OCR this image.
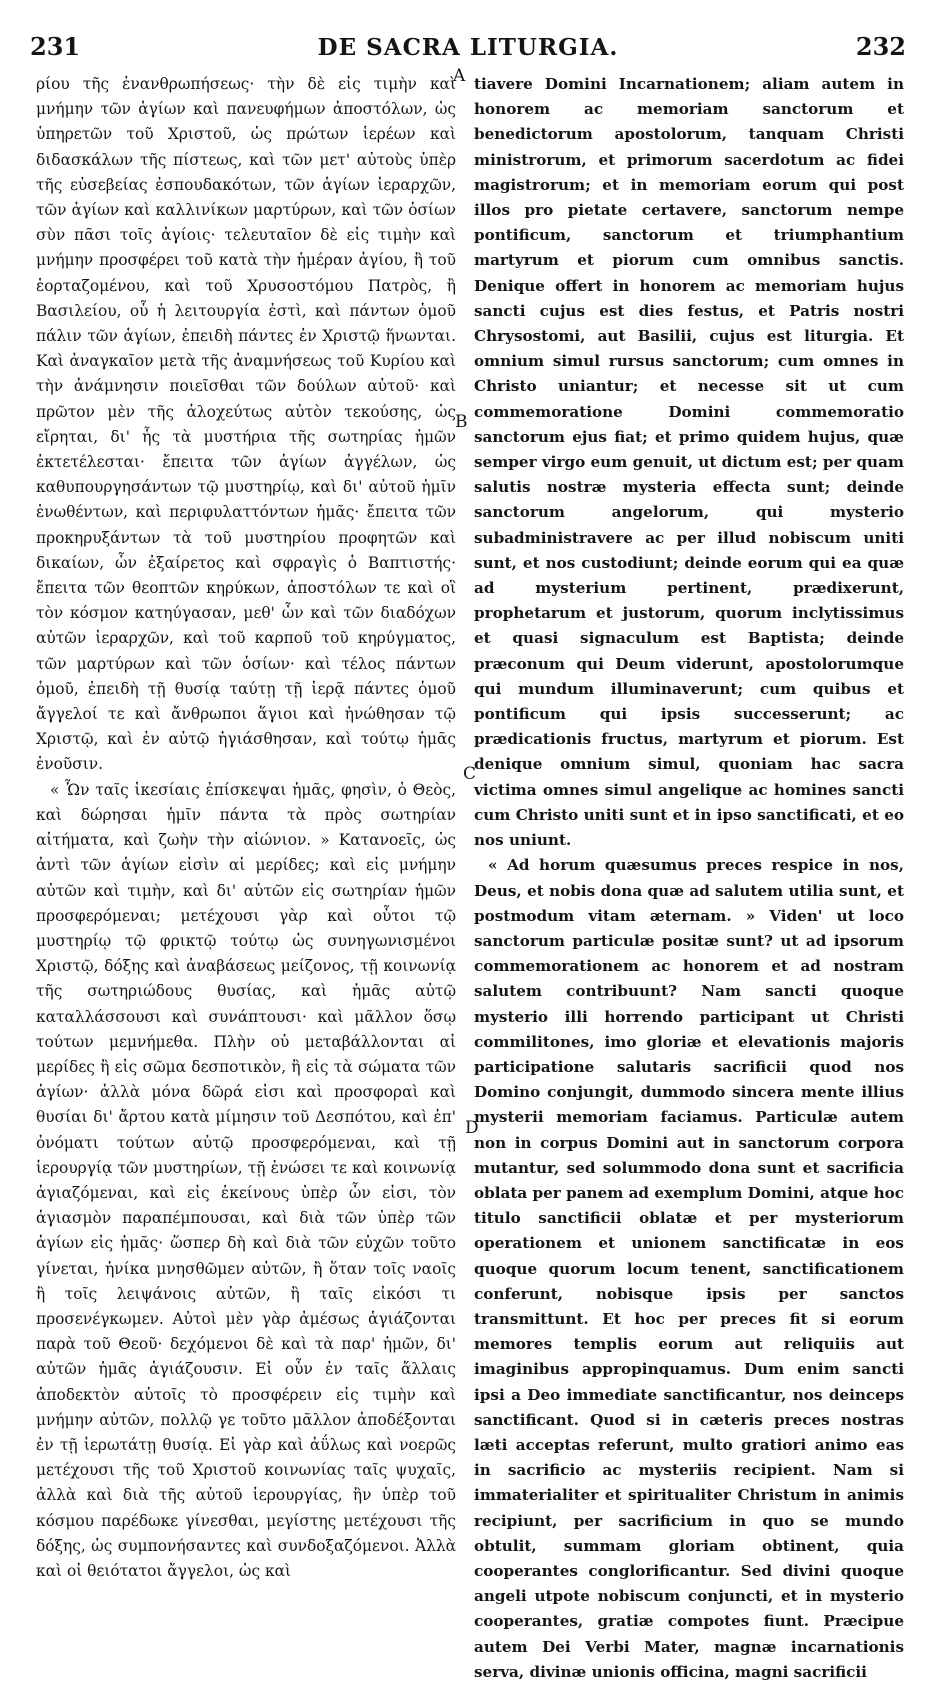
231	DE SACRA LITURGIA.	232

ρίου τῆς ἐνανθρωπήσεως· τὴν δὲ εἰς τιμὴν καὶ μνήμην τῶν ἁγίων καὶ πανευφήμων ἀποστόλων, ὡς ὑπηρετῶν τοῦ Χριστοῦ, ὡς πρώτων ἱερέων καὶ διδασκάλων τῆς πίστεως, καὶ τῶν μετ' αὐτοὺς ὑπὲρ τῆς εὐσεβείας ἐσπουδακότων, τῶν ἁγίων ἱεραρχῶν, τῶν ἁγίων καὶ καλλινίκων μαρτύρων, καὶ τῶν ὁσίων σὺν πᾶσι τοῖς ἁγίοις· τελευταῖον δὲ εἰς τιμὴν καὶ μνήμην προσφέρει τοῦ κατὰ τὴν ἡμέραν ἁγίου, ἢ τοῦ ἑορταζομένου, καὶ τοῦ Χρυσοστόμου Πατρὸς, ἢ Βασιλείου, οὗ ἡ λειτουργία ἐστὶ, καὶ πάντων ὁμοῦ πάλιν τῶν ἁγίων, ἐπειδὴ πάντες ἐν Χριστῷ ἥνωνται. Καὶ ἀναγκαῖον μετὰ τῆς ἀναμνήσεως τοῦ Κυρίου καὶ τὴν ἀνάμνησιν ποιεῖσθαι τῶν δούλων αὐτοῦ· καὶ πρῶτον μὲν τῆς ἀλοχεύτως αὐτὸν τεκούσης, ὡς εἴρηται, δι' ἧς τὰ μυστήρια τῆς σωτηρίας ἡμῶν ἐκτετέλεσται· ἔπειτα τῶν ἁγίων ἀγγέλων, ὡς καθυπουργησάντων τῷ μυστηρίῳ, καὶ δι' αὐτοῦ ἡμῖν ἑνωθέντων, καὶ περιφυλαττόντων ἡμᾶς· ἔπειτα τῶν προκηρυξάντων τὰ τοῦ μυστηρίου προφητῶν καὶ δικαίων, ὧν ἐξαίρετος καὶ σφραγὶς ὁ Βαπτιστής· ἔπειτα τῶν θεοπτῶν κηρύκων, ἀποστόλων τε καὶ οἳ τὸν κόσμον κατηύγασαν, μεθ' ὧν καὶ τῶν διαδόχων αὐτῶν ἱεραρχῶν, καὶ τοῦ καρποῦ τοῦ κηρύγματος, τῶν μαρτύρων καὶ τῶν ὁσίων· καὶ τέλος πάντων ὁμοῦ, ἐπειδὴ τῇ θυσίᾳ ταύτῃ τῇ ἱερᾷ πάντες ὁμοῦ ἄγγελοί τε καὶ ἄνθρωποι ἅγιοι καὶ ἡνώθησαν τῷ Χριστῷ, καὶ ἐν αὐτῷ ἡγιάσθησαν, καὶ τούτῳ ἡμᾶς ἑνοῦσιν.

« Ὧν ταῖς ἱκεσίαις ἐπίσκεψαι ἡμᾶς, φησὶν, ὁ Θεὸς, καὶ δώρησαι ἡμῖν πάντα τὰ πρὸς σωτηρίαν αἰτήματα, καὶ ζωὴν τὴν αἰώνιον. » Κατανοεῖς, ὡς ἀντὶ τῶν ἁγίων εἰσὶν αἱ μερίδες; καὶ εἰς μνήμην αὐτῶν καὶ τιμὴν, καὶ δι' αὐτῶν εἰς σωτηρίαν ἡμῶν προσφερόμεναι; μετέχουσι γὰρ καὶ οὗτοι τῷ μυστηρίῳ τῷ φρικτῷ τούτῳ ὡς συνηγωνισμένοι Χριστῷ, δόξης καὶ ἀναβάσεως μείζονος, τῇ κοινωνίᾳ τῆς σωτηριώδους θυσίας, καὶ ἡμᾶς αὐτῷ καταλλάσσουσι καὶ συνάπτουσι· καὶ μᾶλλον ὅσῳ τούτων μεμνήμεθα. Πλὴν οὐ μεταβάλλονται αἱ μερίδες ἢ εἰς σῶμα δεσποτικὸν, ἢ εἰς τὰ σώματα τῶν ἁγίων· ἀλλὰ μόνα δῶρά εἰσι καὶ προσφοραὶ καὶ θυσίαι δι' ἄρτου κατὰ μίμησιν τοῦ Δεσπότου, καὶ ἐπ' ὀνόματι τούτων αὐτῷ προσφερόμεναι, καὶ τῇ ἱερουργίᾳ τῶν μυστηρίων, τῇ ἑνώσει τε καὶ κοινωνίᾳ ἁγιαζόμεναι, καὶ εἰς ἐκείνους ὑπὲρ ὧν εἰσι, τὸν ἁγιασμὸν παραπέμπουσαι, καὶ διὰ τῶν ὑπὲρ τῶν ἁγίων εἰς ἡμᾶς· ὥσπερ δὴ καὶ διὰ τῶν εὐχῶν τοῦτο γίνεται, ἡνίκα μνησθῶμεν αὐτῶν, ἢ ὅταν τοῖς ναοῖς ἢ τοῖς λειψάνοις αὐτῶν, ἢ ταῖς εἰκόσι τι προσενέγκωμεν. Αὐτοὶ μὲν γὰρ ἀμέσως ἁγιάζονται παρὰ τοῦ Θεοῦ· δεχόμενοι δὲ καὶ τὰ παρ' ἡμῶν, δι' αὐτῶν ἡμᾶς ἁγιάζουσιν. Εἰ οὖν ἐν ταῖς ἄλλαις ἀποδεκτὸν αὐτοῖς τὸ προσφέρειν εἰς τιμὴν καὶ μνήμην αὐτῶν, πολλῷ γε τοῦτο μᾶλλον ἀποδέξονται ἐν τῇ ἱερωτάτῃ θυσίᾳ. Εἰ γὰρ καὶ ἀΰλως καὶ νοερῶς μετέχουσι τῆς τοῦ Χριστοῦ κοινωνίας ταῖς ψυχαῖς, ἀλλὰ καὶ διὰ τῆς αὐτοῦ ἱερουργίας, ἣν ὑπὲρ τοῦ κόσμου παρέδωκε γίνεσθαι, μεγίστης μετέχουσι τῆς δόξης, ὡς συμπονήσαντες καὶ συνδοξαζόμενοι. Ἀλλὰ καὶ οἱ θειότατοι ἄγγελοι, ὡς καὶ

A
B
C
D

tiavere Domini Incarnationem; aliam autem in honorem ac memoriam sanctorum et benedictorum apostolorum, tanquam Christi ministrorum, et primorum sacerdotum ac fidei magistrorum; et in memoriam eorum qui post illos pro pietate certavere, sanctorum nempe pontificum, sanctorum et triumphantium martyrum et piorum cum omnibus sanctis. Denique offert in honorem ac memoriam hujus sancti cujus est dies festus, et Patris nostri Chrysostomi, aut Basilii, cujus est liturgia. Et omnium simul rursus sanctorum; cum omnes in Christo uniantur; et necesse sit ut cum commemoratione Domini commemoratio sanctorum ejus fiat; et primo quidem hujus, quæ semper virgo eum genuit, ut dictum est; per quam salutis nostræ mysteria effecta sunt; deinde sanctorum angelorum, qui mysterio subadministravere ac per illud nobiscum uniti sunt, et nos custodiunt; deinde eorum qui ea quæ ad mysterium pertinent, prædixerunt, prophetarum et justorum, quorum inclytissimus et quasi signaculum est Baptista; deinde præconum qui Deum viderunt, apostolorumque qui mundum illuminaverunt; cum quibus et pontificum qui ipsis successerunt; ac prædicationis fructus, martyrum et piorum. Est denique omnium simul, quoniam hac sacra victima omnes simul angelique ac homines sancti cum Christo uniti sunt et in ipso sanctificati, et eo nos uniunt.

« Ad horum quæsumus preces respice in nos, Deus, et nobis dona quæ ad salutem utilia sunt, et postmodum vitam æternam. » Viden' ut loco sanctorum particulæ positæ sunt? ut ad ipsorum commemorationem ac honorem et ad nostram salutem contribuunt? Nam sancti quoque mysterio illi horrendo participant ut Christi commilitones, imo gloriæ et elevationis majoris participatione salutaris sacrificii quod nos Domino conjungit, dummodo sincera mente illius mysterii memoriam faciamus. Particulæ autem non in corpus Domini aut in sanctorum corpora mutantur, sed solummodo dona sunt et sacrificia oblata per panem ad exemplum Domini, atque hoc titulo sanctificii oblatæ et per mysteriorum operationem et unionem sanctificatæ in eos quoque quorum locum tenent, sanctificationem conferunt, nobisque ipsis per sanctos transmittunt. Et hoc per preces fit si eorum memores templis eorum aut reliquiis aut imaginibus appropinquamus. Dum enim sancti ipsi a Deo immediate sanctificantur, nos deinceps sanctificant. Quod si in cæteris preces nostras læti acceptas referunt, multo gratiori animo eas in sacrificio ac mysteriis recipient. Nam si immaterialiter et spiritualiter Christum in animis recipiunt, per sacrificium in quo se mundo obtulit, summam gloriam obtinent, quia cooperantes conglorificantur. Sed divini quoque angeli utpote nobiscum conjuncti, et in mysterio cooperantes, gratiæ compotes fiunt. Præcipue autem Dei Verbi Mater, magnæ incarnationis serva, divinæ unionis officina, magni sacrificii
